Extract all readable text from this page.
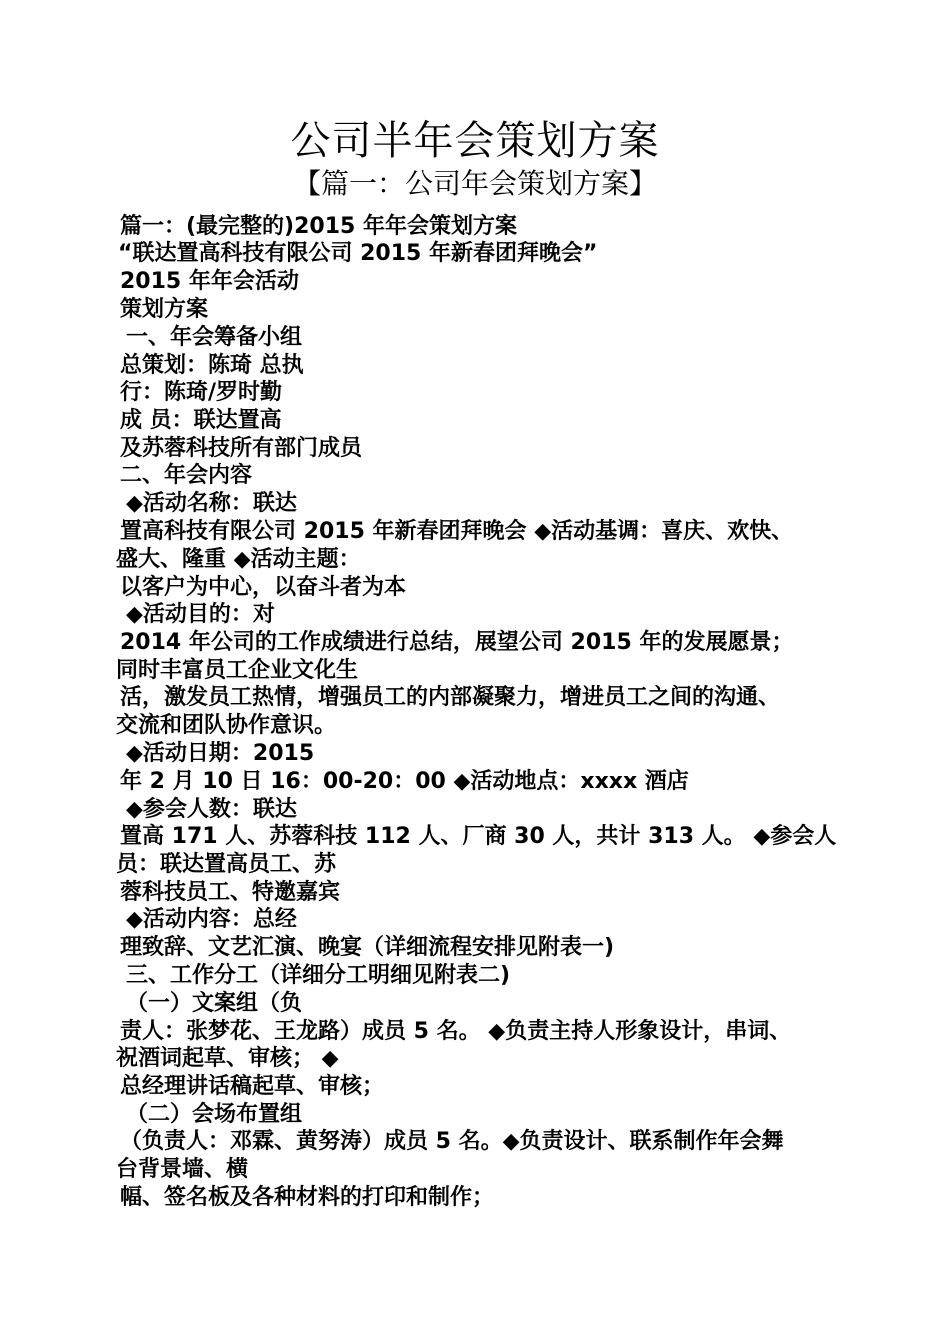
公司半年会策划方案
【篇一：公司年会策划方案】
篇一：(最完整的)2015 年年会策划方案
“联达置高科技有限公司 2015 年新春团拜晚会”
2015 年年会活动
策划方案
一、年会筹备小组
总策划：陈琦 总执
行：陈琦/罗时勤
成 员：联达置高
及苏蓉科技所有部门成员
二、年会内容
◆活动名称：联达
置高科技有限公司 2015 年新春团拜晚会 ◆活动基调：喜庆、欢快、
盛大、隆重 ◆活动主题：
以客户为中心，以奋斗者为本
◆活动目的：对
2014 年公司的工作成绩进行总结，展望公司 2015 年的发展愿景；
同时丰富员工企业文化生
活，激发员工热情，增强员工的内部凝聚力，增进员工之间的沟通、
交流和团队协作意识。
◆活动日期：2015
年 2 月 10 日 16：00-20：00 ◆活动地点：xxxx 酒店
◆参会人数：联达
置高 171 人、苏蓉科技 112 人、厂商 30 人，共计 313 人。 ◆参会人
员：联达置高员工、苏
蓉科技员工、特邀嘉宾
◆活动内容：总经
理致辞、文艺汇演、晚宴（详细流程安排见附表一)
三、工作分工（详细分工明细见附表二)
（一）文案组（负
责人：张梦花、王龙路）成员 5 名。 ◆负责主持人形象设计，串词、
祝酒词起草、审核； ◆
总经理讲话稿起草、审核；
（二）会场布置组
（负责人：邓霖、黄努涛）成员 5 名。◆负责设计、联系制作年会舞
台背景墙、横
幅、签名板及各种材料的打印和制作；
